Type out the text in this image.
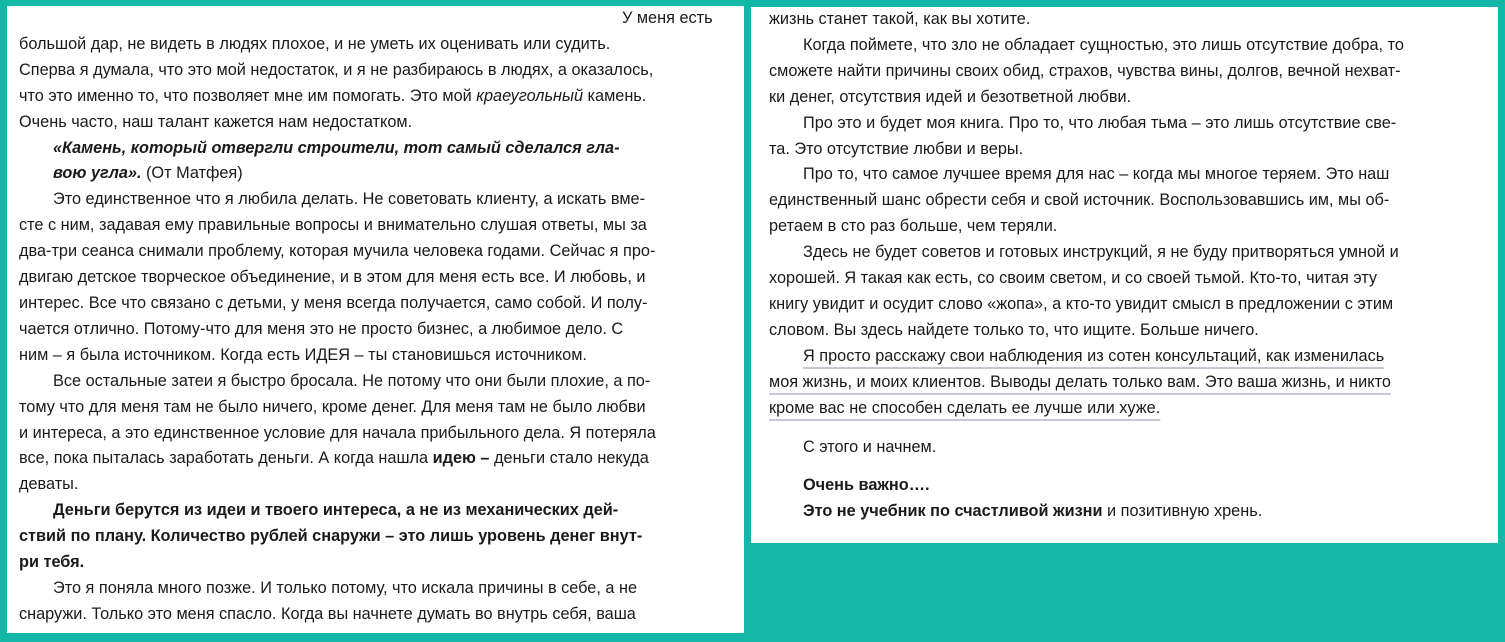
У меня есть

большой дар, не видеть в людях плохое, и не уметь их оценивать или судить.

Сперва я думала, что это мой недостаток, и я не разбираюсь в людях, а оказалось,

что это именно то, что позволяет мне им помогать. Это мой краеугольный камень.

Очень часто, наш талант кажется нам недостатком.

«Камень, который отвергли строители, тот самый сделался гла-

вою угла». (От Матфея)

Это единственное что я любила делать. Не советовать клиенту, а искать вме-

сте с ним, задавая ему правильные вопросы и внимательно слушая ответы, мы за

два-три сеанса снимали проблему, которая мучила человека годами. Сейчас я про-

двигаю детское творческое объединение, и в этом для меня есть все. И любовь, и

интерес. Все что связано с детьми, у меня всегда получается, само собой. И полу-

чается отлично. Потому-что для меня это не просто бизнес, а любимое дело. С

ним – я была источником. Когда есть ИДЕЯ – ты становишься источником.

Все остальные затеи я быстро бросала. Не потому что они были плохие, а по-

тому что для меня там не было ничего, кроме денег. Для меня там не было любви

и интереса, а это единственное условие для начала прибыльного дела. Я потеряла

все, пока пыталась заработать деньги. А когда нашла идею – деньги стало некуда

деваты.

Деньги берутся из идеи и твоего интереса, а не из механических дей-

ствий по плану. Количество рублей снаружи – это лишь уровень денег внут-

ри тебя.

Это я поняла много позже. И только потому, что искала причины в себе, а не

снаружи. Только это меня спасло. Когда вы начнете думать во внутрь себя, ваша

жизнь станет такой, как вы хотите.

Когда поймете, что зло не обладает сущностью, это лишь отсутствие добра, то

сможете найти причины своих обид, страхов, чувства вины, долгов, вечной нехват-

ки денег, отсутствия идей и безответной любви.

Про это и будет моя книга. Про то, что любая тьма – это лишь отсутствие све-

та. Это отсутствие любви и веры.

Про то, что самое лучшее время для нас – когда мы многое теряем. Это наш

единственный шанс обрести себя и свой источник. Воспользовавшись им, мы об-

ретаем в сто раз больше, чем теряли.

Здесь не будет советов и готовых инструкций, я не буду притворяться умной и

хорошей. Я такая как есть, со своим светом, и со своей тьмой. Кто-то, читая эту

книгу увидит и осудит слово «жопа», а кто-то увидит смысл в предложении с этим

словом. Вы здесь найдете только то, что ищите. Больше ничего.

Я просто расскажу свои наблюдения из сотен консультаций, как изменилась

моя жизнь, и моих клиентов. Выводы делать только вам. Это ваша жизнь, и никто

кроме вас не способен сделать ее лучше или хуже.

С этого и начнем.

Очень важно….

Это не учебник по счастливой жизни и позитивную хрень.
